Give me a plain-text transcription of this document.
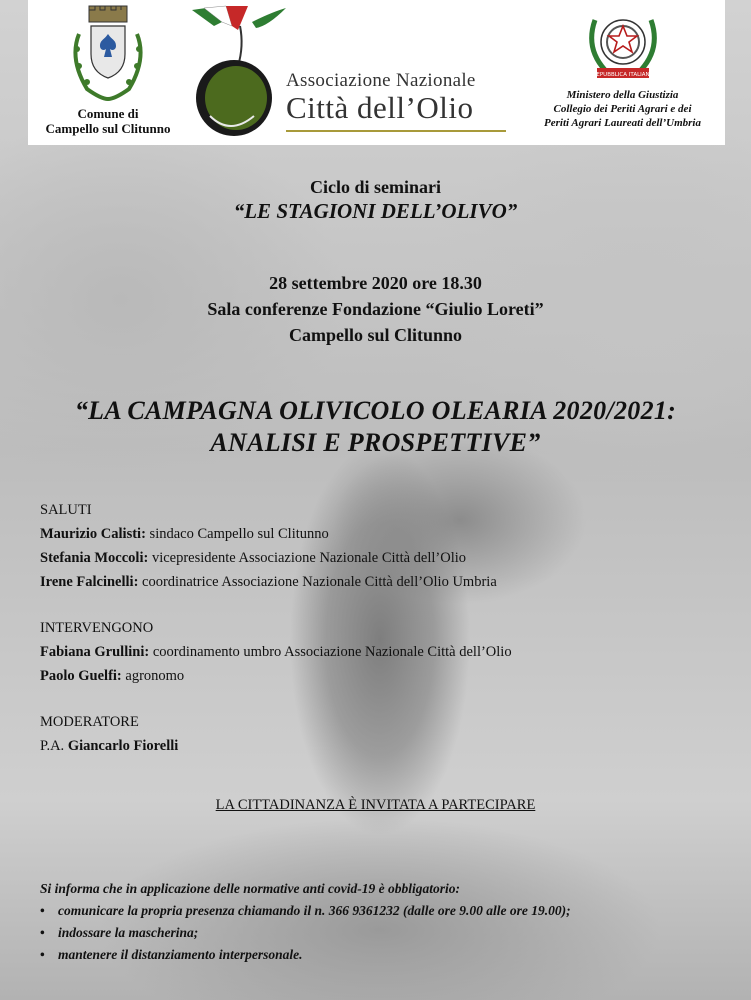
Comune di
Campello sul Clitunno
Associazione Nazionale
Città dell’Olio
REPUBBLICA ITALIANA
Ministero della Giustizia
Collegio dei Periti Agrari e dei
Periti Agrari Laureati dell’Umbria
Ciclo di seminari
“LE STAGIONI DELL’OLIVO”
28 settembre 2020 ore 18.30
Sala conferenze Fondazione “Giulio Loreti”
Campello sul Clitunno
“LA CAMPAGNA OLIVICOLO OLEARIA 2020/2021:
ANALISI E PROSPETTIVE”
SALUTI
Maurizio Calisti: sindaco Campello sul Clitunno
Stefania Moccoli: vicepresidente Associazione Nazionale Città dell’Olio
Irene Falcinelli: coordinatrice Associazione Nazionale Città dell’Olio Umbria
INTERVENGONO
Fabiana Grullini: coordinamento umbro Associazione Nazionale Città dell’Olio
Paolo Guelfi: agronomo
MODERATORE
P.A. Giancarlo Fiorelli
LA CITTADINANZA È INVITATA A PARTECIPARE
Si informa che in applicazione delle normative anti covid-19 è obbligatorio:
• comunicare la propria presenza chiamando il n. 366 9361232 (dalle ore 9.00 alle ore 19.00);
• indossare la mascherina;
• mantenere il distanziamento interpersonale.
